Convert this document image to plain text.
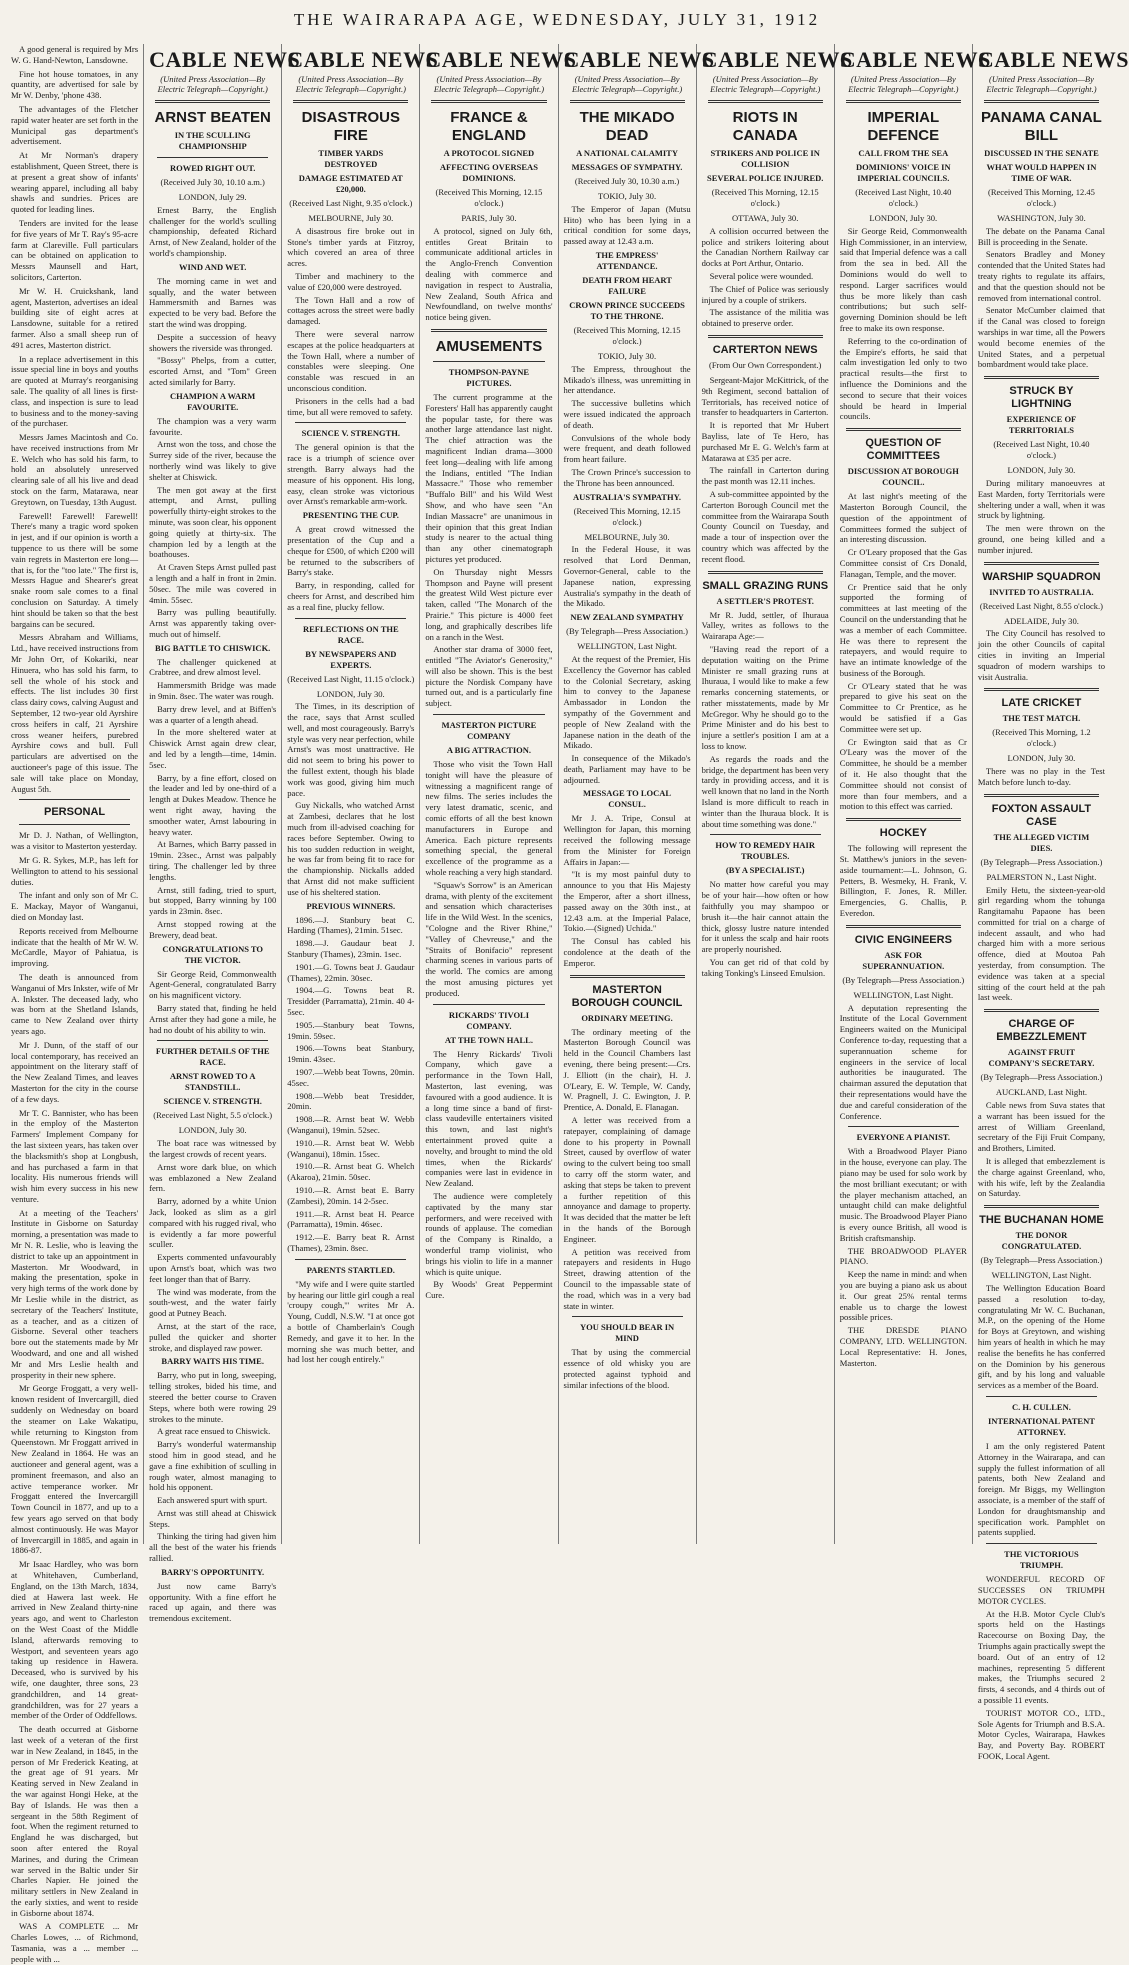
THE WAIRARAPA AGE, WEDNESDAY, JULY 31, 1912

A good general is required by Mrs W. G. Hand-Newton, Lansdowne.

Fine hot house tomatoes, in any quantity, are advertised for sale by Mr W. Denby, 'phone 438.

The advantages of the Fletcher rapid water heater are set forth in the Municipal gas department's advertisement.

At Mr Norman's drapery establishment, Queen Street, there is at present a great show of infants' wearing apparel, including all baby shawls and sundries. Prices are quoted for leading lines.

Tenders are invited for the lease for five years of Mr T. Ray's 95-acre farm at Clareville. Full particulars can be obtained on application to Messrs Maunsell and Hart, solicitors, Carterton.

Mr W. H. Cruickshank, land agent, Masterton, advertises an ideal building site of eight acres at Lansdowne, suitable for a retired farmer. Also a small sheep run of 491 acres, Masterton district.

In a replace advertisement in this issue special line in boys and youths are quoted at Murray's reorganising sale. The quality of all lines is first-class, and inspection is sure to lead to business and to the money-saving of the purchaser.

Messrs James Macintosh and Co. have received instructions from Mr E. Welch who has sold his farm, to hold an absolutely unreserved clearing sale of all his live and dead stock on the farm, Matarawa, near Greytown, on Tuesday, 13th August.

Farewell! Farewell! Farewell! There's many a tragic word spoken in jest, and if our opinion is worth a tuppence to us there will be some vain regrets in Masterton ere long—that is, for the "too late." The first is, Messrs Hague and Shearer's great snake room sale comes to a final conclusion on Saturday. A timely hint should be taken so that the best bargains can be secured.

Messrs Abraham and Williams, Ltd., have received instructions from Mr John Orr, of Kokariki, near Hinuera, who has sold his farm, to sell the whole of his stock and effects. The list includes 30 first class dairy cows, calving August and September, 12 two-year old Ayrshire cross heifers in calf, 21 Ayrshire cross weaner heifers, purebred Ayrshire cows and bull. Full particulars are advertised on the auctioneer's page of this issue. The sale will take place on Monday, August 5th.

PERSONAL

Mr D. J. Nathan, of Wellington, was a visitor to Masterton yesterday.

Mr G. R. Sykes, M.P., has left for Wellington to attend to his sessional duties.

The infant and only son of Mr C. E. Mackay, Mayor of Wanganui, died on Monday last.

Reports received from Melbourne indicate that the health of Mr W. W. McCardle, Mayor of Pahiatua, is improving.

The death is announced from Wanganui of Mrs Inkster, wife of Mr A. Inkster. The deceased lady, who was born at the Shetland Islands, came to New Zealand over thirty years ago.

Mr J. Dunn, of the staff of our local contemporary, has received an appointment on the literary staff of the New Zealand Times, and leaves Masterton for the city in the course of a few days.

Mr T. C. Bannister, who has been in the employ of the Masterton Farmers' Implement Company for the last sixteen years, has taken over the blacksmith's shop at Longbush, and has purchased a farm in that locality. His numerous friends will wish him every success in his new venture.

At a meeting of the Teachers' Institute in Gisborne on Saturday morning, a presentation was made to Mr N. R. Leslie, who is leaving the district to take up an appointment in Masterton. Mr Woodward, in making the presentation, spoke in very high terms of the work done by Mr Leslie while in the district, as secretary of the Teachers' Institute, as a teacher, and as a citizen of Gisborne. Several other teachers bore out the statements made by Mr Woodward, and one and all wished Mr and Mrs Leslie health and prosperity in their new sphere.

Mr George Froggatt, a very well-known resident of Invercargill, died suddenly on Wednesday on board the steamer on Lake Wakatipu, while returning to Kingston from Queenstown. Mr Froggatt arrived in New Zealand in 1864. He was an auctioneer and general agent, was a prominent freemason, and also an active temperance worker. Mr Froggatt entered the Invercargill Town Council in 1877, and up to a few years ago served on that body almost continuously. He was Mayor of Invercargill in 1885, and again in 1886-87.

Mr Isaac Hardley, who was born at Whitehaven, Cumberland, England, on the 13th March, 1834, died at Hawera last week. He arrived in New Zealand thirty-nine years ago, and went to Charleston on the West Coast of the Middle Island, afterwards removing to Westport, and seventeen years ago taking up residence in Hawera. Deceased, who is survived by his wife, one daughter, three sons, 23 grandchildren, and 14 great-grandchildren, was for 27 years a member of the Order of Oddfellows.

The death occurred at Gisborne last week of a veteran of the first war in New Zealand, in 1845, in the person of Mr Frederick Keating, at the great age of 91 years. Mr Keating served in New Zealand in the war against Hongi Heke, at the Bay of Islands. He was then a sergeant in the 58th Regiment of foot. When the regiment returned to England he was discharged, but soon after entered the Royal Marines, and during the Crimean war served in the Baltic under Sir Charles Napier. He joined the military settlers in New Zealand in the early sixties, and went to reside in Gisborne about 1874.

WAS A COMPLETE ... Mr Charles Lowes, ... of Richmond, Tasmania, was a ... member ... people with ...

CABLE NEWS
(United Press Association—By Electric Telegraph—Copyright.)
ARNST BEATEN
IN THE SCULLING CHAMPIONSHIP
ROWED RIGHT OUT.
(Received July 30, 10.10 a.m.)

LONDON, July 29.

Ernest Barry, the English challenger for the world's sculling championship, defeated Richard Arnst, of New Zealand, holder of the world's championship.

WIND AND WET.

The morning came in wet and squally, and the water between Hammersmith and Barnes was expected to be very bad. Before the start the wind was dropping.

Despite a succession of heavy showers the riverside was thronged.

"Bossy" Phelps, from a cutter, escorted Arnst, and "Tom" Green acted similarly for Barry.

CHAMPION A WARM FAVOURITE.

The champion was a very warm favourite.

Arnst won the toss, and chose the Surrey side of the river, because the northerly wind was likely to give shelter at Chiswick.

The men got away at the first attempt, and Arnst, pulling powerfully thirty-eight strokes to the minute, was soon clear, his opponent going quietly at thirty-six. The champion led by a length at the boathouses.

At Craven Steps Arnst pulled past a length and a half in front in 2min. 50sec. The mile was covered in 4min. 55sec.

Barry was pulling beautifully. Arnst was apparently taking over-much out of himself.

BIG BATTLE TO CHISWICK.

The challenger quickened at Crabtree, and drew almost level.

Hammersmith Bridge was made in 9min. 8sec. The water was rough.

Barry drew level, and at Biffen's was a quarter of a length ahead.

In the more sheltered water at Chiswick Arnst again drew clear, and led by a length—time, 14min. 5sec.

Barry, by a fine effort, closed on the leader and led by one-third of a length at Dukes Meadow. Thence he went right away, having the smoother water, Arnst labouring in heavy water.

At Barnes, which Barry passed in 19min. 23sec., Arnst was palpably tiring. The challenger led by three lengths.

Arnst, still fading, tried to spurt, but stopped, Barry winning by 100 yards in 23min. 8sec.

Arnst stopped rowing at the Brewery, dead beat.

CONGRATULATIONS TO THE VICTOR.

Sir George Reid, Commonwealth Agent-General, congratulated Barry on his magnificent victory.

Barry stated that, finding he held Arnst after they had gone a mile, he had no doubt of his ability to win.

FURTHER DETAILS OF THE RACE.
ARNST ROWED TO A STANDSTILL.
SCIENCE V. STRENGTH.
(Received Last Night, 5.5 o'clock.)

LONDON, July 30.

The boat race was witnessed by the largest crowds of recent years.

Arnst wore dark blue, on which was emblazoned a New Zealand fern.

Barry, adorned by a white Union Jack, looked as slim as a girl compared with his rugged rival, who is evidently a far more powerful sculler.

Experts commented unfavourably upon Arnst's boat, which was two feet longer than that of Barry.

The wind was moderate, from the south-west, and the water fairly good at Putney Beach.

Arnst, at the start of the race, pulled the quicker and shorter stroke, and displayed raw power.

BARRY WAITS HIS TIME.

Barry, who put in long, sweeping, telling strokes, bided his time, and steered the better course to Craven Steps, where both were rowing 29 strokes to the minute.

A great race ensued to Chiswick.

Barry's wonderful watermanship stood him in good stead, and he gave a fine exhibition of sculling in rough water, almost managing to hold his opponent.

Each answered spurt with spurt.

Arnst was still ahead at Chiswick Steps.

Thinking the tiring had given him all the best of the water his friends rallied.

BARRY'S OPPORTUNITY.

Just now came Barry's opportunity. With a fine effort he raced up again, and there was tremendous excitement.

CABLE NEWS
(United Press Association—By Electric Telegraph—Copyright.)
DISASTROUS FIRE
TIMBER YARDS DESTROYED
DAMAGE ESTIMATED AT £20,000.
(Received Last Night, 9.35 o'clock.)

MELBOURNE, July 30.

A disastrous fire broke out in Stone's timber yards at Fitzroy, which covered an area of three acres.

Timber and machinery to the value of £20,000 were destroyed.

The Town Hall and a row of cottages across the street were badly damaged.

There were several narrow escapes at the police headquarters at the Town Hall, where a number of constables were sleeping. One constable was rescued in an unconscious condition.

Prisoners in the cells had a bad time, but all were removed to safety.

SCIENCE V. STRENGTH.

The general opinion is that the race is a triumph of science over strength. Barry always had the measure of his opponent. His long, easy, clean stroke was victorious over Arnst's remarkable arm-work.

PRESENTING THE CUP.

A great crowd witnessed the presentation of the Cup and a cheque for £500, of which £200 will be returned to the subscribers of Barry's stake.

Barry, in responding, called for cheers for Arnst, and described him as a real fine, plucky fellow.

REFLECTIONS ON THE RACE.
BY NEWSPAPERS AND EXPERTS.
(Received Last Night, 11.15 o'clock.)

LONDON, July 30.

The Times, in its description of the race, says that Arnst sculled well, and most courageously. Barry's style was very near perfection, while Arnst's was most unattractive. He did not seem to bring his power to the fullest extent, though his blade work was good, giving him much pace.

Guy Nickalls, who watched Arnst at Zambesi, declares that he lost much from ill-advised coaching for races before September. Owing to his too sudden reduction in weight, he was far from being fit to race for the championship. Nickalls added that Arnst did not make sufficient use of his sheltered station.

PREVIOUS WINNERS.

1896.—J. Stanbury beat C. Harding (Thames), 21min. 51sec.

1898.—J. Gaudaur beat J. Stanbury (Thames), 23min. 1sec.

1901.—G. Towns beat J. Gaudaur (Thames), 22min. 30sec.

1904.—G. Towns beat R. Tresidder (Parramatta), 21min. 40 4-5sec.

1905.—Stanbury beat Towns, 19min. 59sec.

1906.—Towns beat Stanbury, 19min. 43sec.

1907.—Webb beat Towns, 20min. 45sec.

1908.—Webb beat Tresidder, 20min.

1908.—R. Arnst beat W. Webb (Wanganui), 19min. 52sec.

1910.—R. Arnst beat W. Webb (Wanganui), 18min. 15sec.

1910.—R. Arnst beat G. Whelch (Akaroa), 21min. 50sec.

1910.—R. Arnst beat E. Barry (Zambesi), 20min. 14 2-5sec.

1911.—R. Arnst beat H. Pearce (Parramatta), 19min. 46sec.

1912.—E. Barry beat R. Arnst (Thames), 23min. 8sec.

PARENTS STARTLED.

"My wife and I were quite startled by hearing our little girl cough a real 'croupy cough,'" writes Mr A. Young, Cuddl, N.S.W. "I at once got a bottle of Chamberlain's Cough Remedy, and gave it to her. In the morning she was much better, and had lost her cough entirely."

CABLE NEWS
(United Press Association—By Electric Telegraph—Copyright.)
FRANCE & ENGLAND
A PROTOCOL SIGNED
AFFECTING OVERSEAS DOMINIONS.
(Received This Morning, 12.15 o'clock.)

PARIS, July 30.

A protocol, signed on July 6th, entitles Great Britain to communicate additional articles in the Anglo-French Convention dealing with commerce and navigation in respect to Australia, New Zealand, South Africa and Newfoundland, on twelve months' notice being given.

AMUSEMENTS
THOMPSON-PAYNE PICTURES.

The current programme at the Foresters' Hall has apparently caught the popular taste, for there was another large attendance last night. The chief attraction was the magnificent Indian drama—3000 feet long—dealing with life among the Indians, entitled "The Indian Massacre." Those who remember "Buffalo Bill" and his Wild West Show, and who have seen "An Indian Massacre" are unanimous in their opinion that this great Indian study is nearer to the actual thing than any other cinematograph pictures yet produced.

On Thursday night Messrs Thompson and Payne will present the greatest Wild West picture ever taken, called "The Monarch of the Prairie." This picture is 4000 feet long, and graphically describes life on a ranch in the West.

Another star drama of 3000 feet, entitled "The Aviator's Generosity," will also be shown. This is the best picture the Nordisk Company have turned out, and is a particularly fine subject.

MASTERTON PICTURE COMPANY
A BIG ATTRACTION.

Those who visit the Town Hall tonight will have the pleasure of witnessing a magnificent range of new films. The series includes the very latest dramatic, scenic, and comic efforts of all the best known manufacturers in Europe and America. Each picture represents something special, the general excellence of the programme as a whole reaching a very high standard.

"Squaw's Sorrow" is an American drama, with plenty of the excitement and sensation which characterises life in the Wild West. In the scenics, "Cologne and the River Rhine," "Valley of Chevreuse," and the "Straits of Bonifacio" represent charming scenes in various parts of the world. The comics are among the most amusing pictures yet produced.

RICKARDS' TIVOLI COMPANY.
AT THE TOWN HALL.

The Henry Rickards' Tivoli Company, which gave a performance in the Town Hall, Masterton, last evening, was favoured with a good audience. It is a long time since a band of first-class vaudeville entertainers visited this town, and last night's entertainment proved quite a novelty, and brought to mind the old times, when the Rickards' companies were last in evidence in New Zealand.

The audience were completely captivated by the many star performers, and were received with rounds of applause. The comedian of the Company is Rinaldo, a wonderful tramp violinist, who brings his violin to life in a manner which is quite unique.

By Woods' Great Peppermint Cure.

CABLE NEWS
(United Press Association—By Electric Telegraph—Copyright.)
THE MIKADO DEAD
A NATIONAL CALAMITY
MESSAGES OF SYMPATHY.
(Received July 30, 10.30 a.m.)

TOKIO, July 30.

The Emperor of Japan (Mutsu Hito) who has been lying in a critical condition for some days, passed away at 12.43 a.m.

THE EMPRESS' ATTENDANCE.
DEATH FROM HEART FAILURE
CROWN PRINCE SUCCEEDS TO THE THRONE.
(Received This Morning, 12.15 o'clock.)

TOKIO, July 30.

The Empress, throughout the Mikado's illness, was unremitting in her attendance.

The successive bulletins which were issued indicated the approach of death.

Convulsions of the whole body were frequent, and death followed from heart failure.

The Crown Prince's succession to the Throne has been announced.

AUSTRALIA'S SYMPATHY.
(Received This Morning, 12.15 o'clock.)

MELBOURNE, July 30.

In the Federal House, it was resolved that Lord Denman, Governor-General, cable to the Japanese nation, expressing Australia's sympathy in the death of the Mikado.

NEW ZEALAND SYMPATHY
(By Telegraph—Press Association.)

WELLINGTON, Last Night.

At the request of the Premier, His Excellency the Governor has cabled to the Colonial Secretary, asking him to convey to the Japanese Ambassador in London the sympathy of the Government and people of New Zealand with the Japanese nation in the death of the Mikado.

In consequence of the Mikado's death, Parliament may have to be adjourned.

MESSAGE TO LOCAL CONSUL.

Mr J. A. Tripe, Consul at Wellington for Japan, this morning received the following message from the Minister for Foreign Affairs in Japan:—

"It is my most painful duty to announce to you that His Majesty the Emperor, after a short illness, passed away on the 30th inst., at 12.43 a.m. at the Imperial Palace, Tokio.—(Signed) Uchida."

The Consul has cabled his condolence at the death of the Emperor.

MASTERTON BOROUGH COUNCIL
ORDINARY MEETING.

The ordinary meeting of the Masterton Borough Council was held in the Council Chambers last evening, there being present:—Crs. J. Elliott (in the chair), H. J. O'Leary, E. W. Temple, W. Candy, W. Pragnell, J. C. Ewington, J. P. Prentice, A. Donald, E. Flanagan.

A letter was received from a ratepayer, complaining of damage done to his property in Pownall Street, caused by overflow of water owing to the culvert being too small to carry off the storm water, and asking that steps be taken to prevent a further repetition of this annoyance and damage to property. It was decided that the matter be left in the hands of the Borough Engineer.

A petition was received from ratepayers and residents in Hugo Street, drawing attention of the Council to the impassable state of the road, which was in a very bad state in winter.

YOU SHOULD BEAR IN MIND

That by using the commercial essence of old whisky you are protected against typhoid and similar infections of the blood.

CABLE NEWS
(United Press Association—By Electric Telegraph—Copyright.)
RIOTS IN CANADA
STRIKERS AND POLICE IN COLLISION
SEVERAL POLICE INJURED.
(Received This Morning, 12.15 o'clock.)

OTTAWA, July 30.

A collision occurred between the police and strikers loitering about the Canadian Northern Railway car docks at Port Arthur, Ontario.

Several police were wounded.

The Chief of Police was seriously injured by a couple of strikers.

The assistance of the militia was obtained to preserve order.

CARTERTON NEWS
(From Our Own Correspondent.)

Sergeant-Major McKittrick, of the 9th Regiment, second battalion of Territorials, has received notice of transfer to headquarters in Carterton.

It is reported that Mr Hubert Bayliss, late of Te Hero, has purchased Mr E. G. Welch's farm at Matarawa at £35 per acre.

The rainfall in Carterton during the past month was 12.11 inches.

A sub-committee appointed by the Carterton Borough Council met the committee from the Wairarapa South County Council on Tuesday, and made a tour of inspection over the country which was affected by the recent flood.

SMALL GRAZING RUNS
A SETTLER'S PROTEST.

Mr R. Judd, settler, of Ihuraua Valley, writes as follows to the Wairarapa Age:—

"Having read the report of a deputation waiting on the Prime Minister re small grazing runs at Ihuraua, I would like to make a few remarks concerning statements, or rather misstatements, made by Mr McGregor. Why he should go to the Prime Minister and do his best to injure a settler's position I am at a loss to know.

As regards the roads and the bridge, the department has been very tardy in providing access, and it is well known that no land in the North Island is more difficult to reach in winter than the Ihuraua block. It is about time something was done."

HOW TO REMEDY HAIR TROUBLES.
(BY A SPECIALIST.)

No matter how careful you may be of your hair—how often or how faithfully you may shampoo or brush it—the hair cannot attain the thick, glossy lustre nature intended for it unless the scalp and hair roots are properly nourished.

You can get rid of that cold by taking Tonking's Linseed Emulsion.

CABLE NEWS
(United Press Association—By Electric Telegraph—Copyright.)
IMPERIAL DEFENCE
CALL FROM THE SEA
DOMINIONS' VOICE IN IMPERIAL COUNCILS.
(Received Last Night, 10.40 o'clock.)

LONDON, July 30.

Sir George Reid, Commonwealth High Commissioner, in an interview, said that Imperial defence was a call from the sea in bed. All the Dominions would do well to respond. Larger sacrifices would thus be more likely than cash contributions; but such self-governing Dominion should be left free to make its own response.

Referring to the co-ordination of the Empire's efforts, he said that calm investigation led only to two practical results—the first to influence the Dominions and the second to secure that their voices should be heard in Imperial councils.

QUESTION OF COMMITTEES
DISCUSSION AT BOROUGH COUNCIL.

At last night's meeting of the Masterton Borough Council, the question of the appointment of Committees formed the subject of an interesting discussion.

Cr O'Leary proposed that the Gas Committee consist of Crs Donald, Flanagan, Temple, and the mover.

Cr Prentice said that he only supported the forming of committees at last meeting of the Council on the understanding that he was a member of each Committee. He was there to represent the ratepayers, and would require to have an intimate knowledge of the business of the Borough.

Cr O'Leary stated that he was prepared to give his seat on the Committee to Cr Prentice, as he would be satisfied if a Gas Committee were set up.

Cr Ewington said that as Cr O'Leary was the mover of the Committee, he should be a member of it. He also thought that the Committee should not consist of more than four members, and a motion to this effect was carried.

HOCKEY

The following will represent the St. Matthew's juniors in the seven-aside tournament:—L. Johnson, G. Petters, B. Wesmeky, H. Frank, V. Billington, F. Jones, R. Miller. Emergencies, G. Challis, P. Everedon.

CIVIC ENGINEERS
ASK FOR SUPERANNUATION.
(By Telegraph—Press Association.)

WELLINGTON, Last Night.

A deputation representing the Institute of the Local Government Engineers waited on the Municipal Conference to-day, requesting that a superannuation scheme for engineers in the service of local authorities be inaugurated. The chairman assured the deputation that their representations would have the due and careful consideration of the Conference.

EVERYONE A PIANIST.

With a Broadwood Player Piano in the house, everyone can play. The piano may be used for solo work by the most brilliant executant; or with the player mechanism attached, an untaught child can make delightful music. The Broadwood Player Piano is every ounce British, all wood is British craftsmanship.

THE BROADWOOD PLAYER PIANO.

Keep the name in mind: and when you are buying a piano ask us about it. Our great 25% rental terms enable us to charge the lowest possible prices.

THE DRESDE PIANO COMPANY, LTD. WELLINGTON. Local Representative: H. Jones, Masterton.

CABLE NEWS
(United Press Association—By Electric Telegraph—Copyright.)
PANAMA CANAL BILL
DISCUSSED IN THE SENATE
WHAT WOULD HAPPEN IN TIME OF WAR.
(Received This Morning, 12.45 o'clock.)

WASHINGTON, July 30.

The debate on the Panama Canal Bill is proceeding in the Senate.

Senators Bradley and Money contended that the United States had treaty rights to regulate its affairs, and that the question should not be removed from international control.

Senator McCumber claimed that if the Canal was closed to foreign warships in war time, all the Powers would become enemies of the United States, and a perpetual bombardment would take place.

STRUCK BY LIGHTNING
EXPERIENCE OF TERRITORIALS
(Received Last Night, 10.40 o'clock.)

LONDON, July 30.

During military manoeuvres at East Marden, forty Territorials were sheltering under a wall, when it was struck by lightning.

The men were thrown on the ground, one being killed and a number injured.

WARSHIP SQUADRON
INVITED TO AUSTRALIA.
(Received Last Night, 8.55 o'clock.)

ADELAIDE, July 30.

The City Council has resolved to join the other Councils of capital cities in inviting an Imperial squadron of modern warships to visit Australia.

LATE CRICKET
THE TEST MATCH.
(Received This Morning, 1.2 o'clock.)

LONDON, July 30.

There was no play in the Test Match before lunch to-day.

FOXTON ASSAULT CASE
THE ALLEGED VICTIM DIES.
(By Telegraph—Press Association.)

PALMERSTON N., Last Night.

Emily Hetu, the sixteen-year-old girl regarding whom the tohunga Rangitamahu Papaone has been committed for trial on a charge of indecent assault, and who had charged him with a more serious offence, died at Moutoa Pah yesterday, from consumption. The evidence was taken at a special sitting of the court held at the pah last week.

CHARGE OF EMBEZZLEMENT
AGAINST FRUIT COMPANY'S SECRETARY.
(By Telegraph—Press Association.)

AUCKLAND, Last Night.

Cable news from Suva states that a warrant has been issued for the arrest of William Greenland, secretary of the Fiji Fruit Company, and Brothers, Limited.

It is alleged that embezzlement is the charge against Greenland, who, with his wife, left by the Zealandia on Saturday.

THE BUCHANAN HOME
THE DONOR CONGRATULATED.
(By Telegraph—Press Association.)

WELLINGTON, Last Night.

The Wellington Education Board passed a resolution to-day, congratulating Mr W. C. Buchanan, M.P., on the opening of the Home for Boys at Greytown, and wishing him years of health in which he may realise the benefits he has conferred on the Dominion by his generous gift, and by his long and valuable services as a member of the Board.

C. H. CULLEN.
INTERNATIONAL PATENT ATTORNEY.

I am the only registered Patent Attorney in the Wairarapa, and can supply the fullest information of all patents, both New Zealand and foreign. Mr Biggs, my Wellington associate, is a member of the staff of London for draughtsmanship and specification work. Pamphlet on patents supplied.

THE VICTORIOUS TRIUMPH.

WONDERFUL RECORD OF SUCCESSES ON TRIUMPH MOTOR CYCLES.

At the H.B. Motor Cycle Club's sports held on the Hastings Racecourse on Boxing Day, the Triumphs again practically swept the board. Out of an entry of 12 machines, representing 5 different makes, the Triumphs secured 2 firsts, 4 seconds, and 4 thirds out of a possible 11 events.

TOURIST MOTOR CO., LTD., Sole Agents for Triumph and B.S.A. Motor Cycles, Wairarapa, Hawkes Bay, and Poverty Bay. ROBERT FOOK, Local Agent.
